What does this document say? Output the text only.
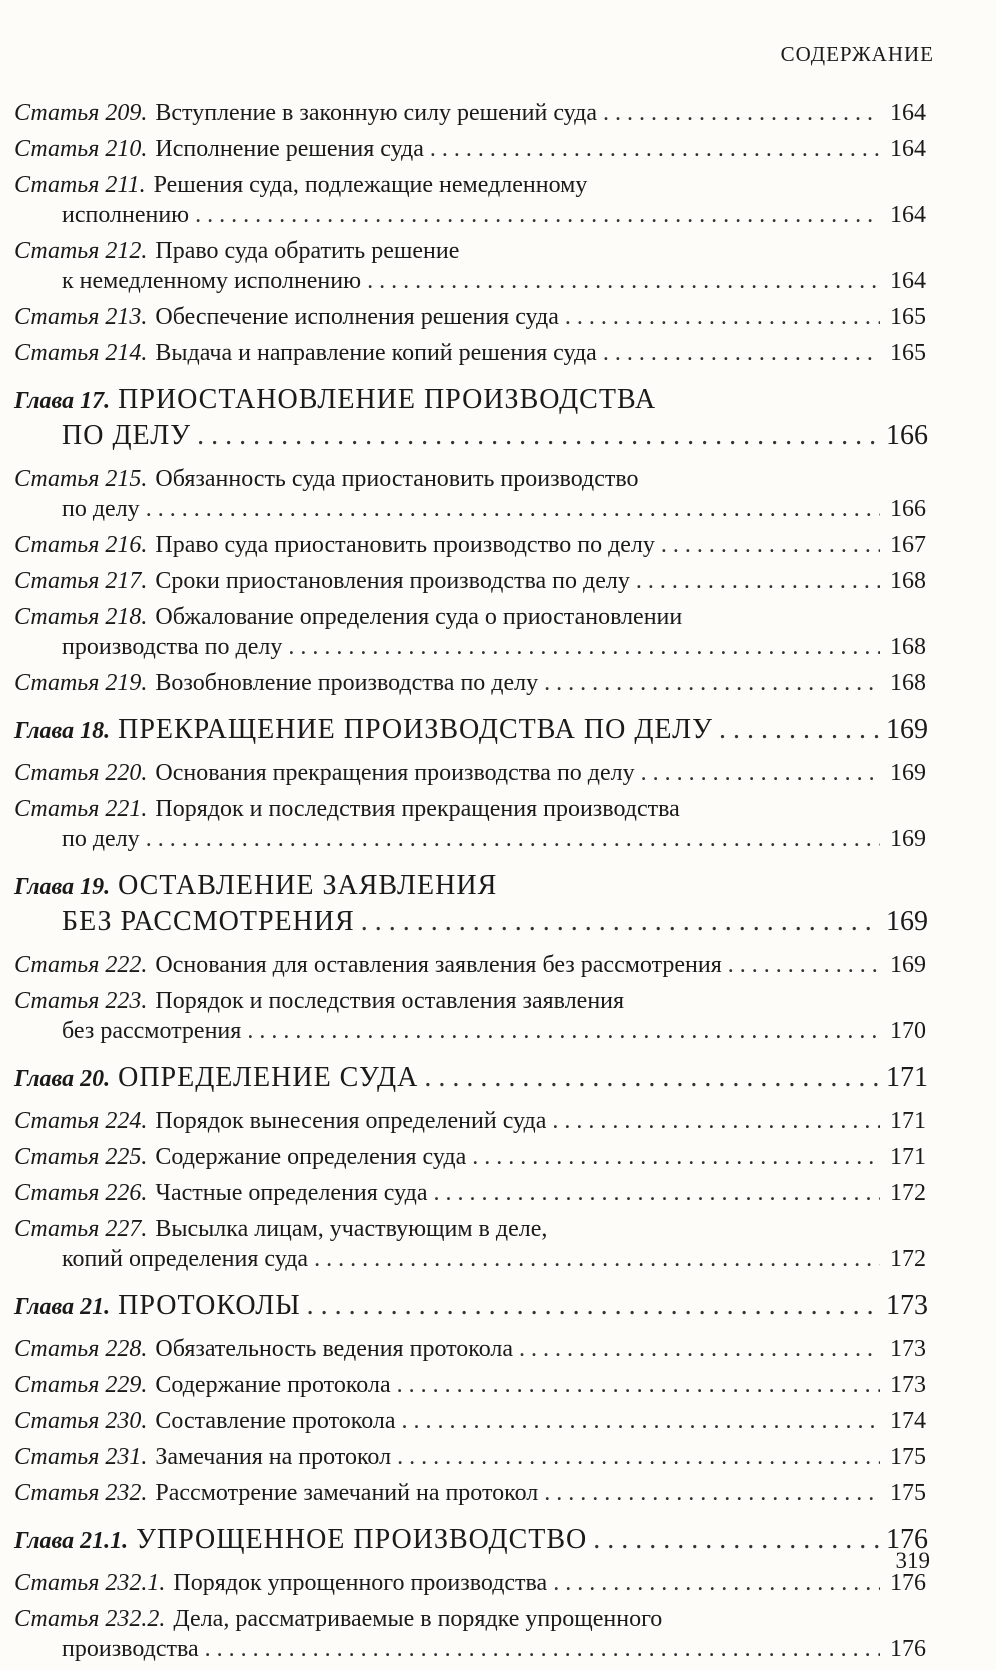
СОДЕРЖАНИЕ
Статья 209. Вступление в законную силу решений суда . . .	164
Статья 210. Исполнение решения суда . . .	164
Статья 211. Решения суда, подлежащие немедленному
исполнению . . .	164
Статья 212. Право суда обратить решение
к немедленному исполнению . . .	164
Статья 213. Обеспечение исполнения решения суда . . .	165
Статья 214. Выдача и направление копий решения суда . . .	165
Глава 17. ПРИОСТАНОВЛЕНИЕ ПРОИЗВОДСТВА
ПО ДЕЛУ . . .	166
Статья 215. Обязанность суда приостановить производство
по делу . . .	166
Статья 216. Право суда приостановить производство по делу . . .	167
Статья 217. Сроки приостановления производства по делу . . .	168
Статья 218. Обжалование определения суда о приостановлении
производства по делу . . .	168
Статья 219. Возобновление производства по делу . . .	168
Глава 18. ПРЕКРАЩЕНИЕ ПРОИЗВОДСТВА ПО ДЕЛУ . . .	169
Статья 220. Основания прекращения производства по делу . . .	169
Статья 221. Порядок и последствия прекращения производства
по делу . . .	169
Глава 19. ОСТАВЛЕНИЕ ЗАЯВЛЕНИЯ
БЕЗ РАССМОТРЕНИЯ . . .	169
Статья 222. Основания для оставления заявления без рассмотрения . . .	169
Статья 223. Порядок и последствия оставления заявления
без рассмотрения . . .	170
Глава 20. ОПРЕДЕЛЕНИЕ СУДА . . .	171
Статья 224. Порядок вынесения определений суда . . .	171
Статья 225. Содержание определения суда . . .	171
Статья 226. Частные определения суда . . .	172
Статья 227. Высылка лицам, участвующим в деле,
копий определения суда . . .	172
Глава 21. ПРОТОКОЛЫ . . .	173
Статья 228. Обязательность ведения протокола . . .	173
Статья 229. Содержание протокола . . .	173
Статья 230. Составление протокола . . .	174
Статья 231. Замечания на протокол . . .	175
Статья 232. Рассмотрение замечаний на протокол . . .	175
Глава 21.1. УПРОЩЕННОЕ ПРОИЗВОДСТВО . . .	176
Статья 232.1. Порядок упрощенного производства . . .	176
Статья 232.2. Дела, рассматриваемые в порядке упрощенного
производства . . .	176
319
